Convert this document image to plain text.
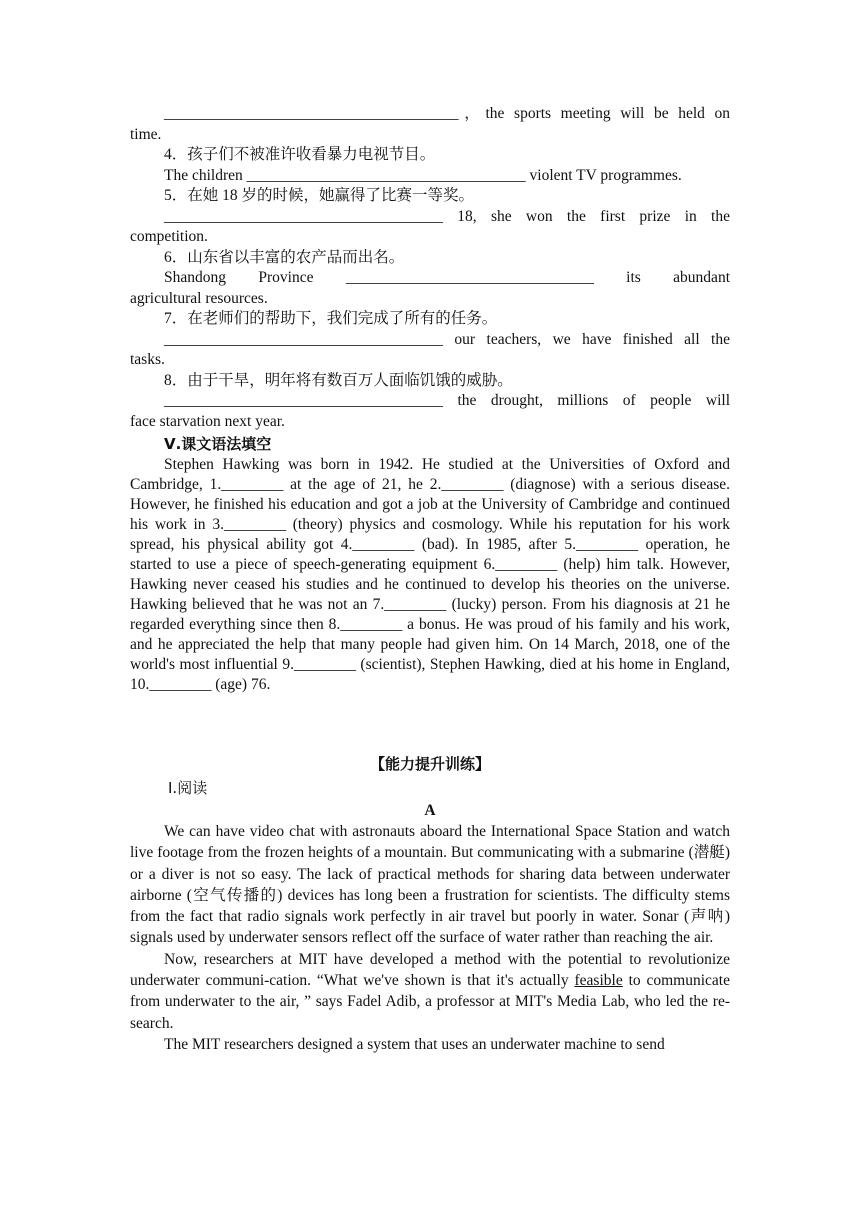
______________________________________，the sports meeting will be held on

time.

4．孩子们不被准许收看暴力电视节目。

The children ____________________________________ violent TV programmes.

5．在她 18 岁的时候，她赢得了比赛一等奖。

____________________________________ 18, she won the first prize in the

competition.

6．山东省以丰富的农产品而出名。

Shandong Province ________________________________ its abundant

agricultural resources.

7．在老师们的帮助下，我们完成了所有的任务。

____________________________________ our teachers, we have finished all the

tasks.

8．由于干旱，明年将有数百万人面临饥饿的威胁。

____________________________________ the drought, millions of people will

face starvation next year.

Ⅴ.课文语法填空

Stephen Hawking was born in 1942. He studied at the Universities of Oxford and Cambridge, 1.________ at the age of 21, he 2.________ (diagnose) with a serious disease. However, he finished his education and got a job at the University of Cambridge and continued his work in 3.________ (theory) physics and cosmology. While his reputation for his work spread, his physical ability got 4.________ (bad). In 1985, after 5.________ operation, he started to use a piece of speech-generating equipment 6.________ (help) him talk. However, Hawking never ceased his studies and he continued to develop his theories on the universe. Hawking believed that he was not an 7.________ (lucky) person. From his diagnosis at 21 he regarded everything since then 8.________ a bonus. He was proud of his family and his work, and he appreciated the help that many people had given him. On 14 March, 2018, one of the world's most influential 9.________ (scientist), Stephen Hawking, died at his home in England, 10.________ (age) 76.

【能力提升训练】
Ⅰ.阅读
A

We can have video chat with astronauts aboard the International Space Station and watch live footage from the frozen heights of a mountain. But communicating with a submarine (潜艇) or a diver is not so easy. The lack of practical methods for sharing data between underwater airborne (空气传播的) devices has long been a frustration for scientists. The difficulty stems from the fact that radio signals work perfectly in air travel but poorly in water. Sonar (声呐) signals used by underwater sensors reflect off the surface of water rather than reaching the air.

Now, researchers at MIT have developed a method with the potential to revolutionize underwater communi-cation. “What we've shown is that it's actually feasible to communicate from underwater to the air, ” says Fadel Adib, a professor at MIT's Media Lab, who led the re-search.

The MIT researchers designed a system that uses an underwater machine to send
